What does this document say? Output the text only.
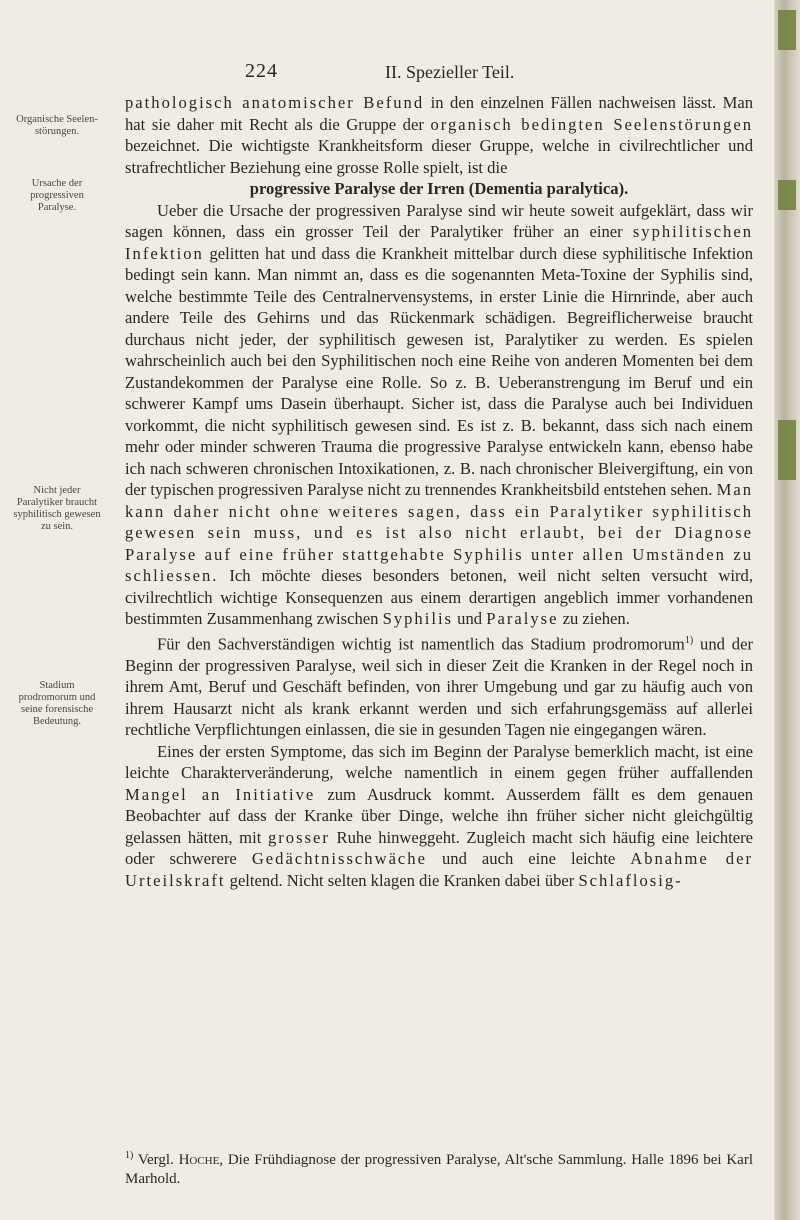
224	II. Spezieller Teil.
Organische Seelen-störungen.
Ursache der progressiven Paralyse.
Nicht jeder Paralytiker braucht syphilitisch gewesen zu sein.
Stadium prodromorum und seine forensische Bedeutung.

pathologisch anatomischer Befund in den einzelnen Fällen nachweisen lässt. Man hat sie daher mit Recht als die Gruppe der organisch bedingten Seelenstörungen bezeichnet. Die wichtigste Krankheitsform dieser Gruppe, welche in civilrechtlicher und strafrechtlicher Beziehung eine grosse Rolle spielt, ist die

progressive Paralyse der Irren (Dementia paralytica).

Ueber die Ursache der progressiven Paralyse sind wir heute soweit aufgeklärt, dass wir sagen können, dass ein grosser Teil der Paralytiker früher an einer syphilitischen Infektion gelitten hat und dass die Krankheit mittelbar durch diese syphilitische Infektion bedingt sein kann. Man nimmt an, dass es die sogenannten Meta-Toxine der Syphilis sind, welche bestimmte Teile des Centralnervensystems, in erster Linie die Hirnrinde, aber auch andere Teile des Gehirns und das Rückenmark schädigen. Begreiflicherweise braucht durchaus nicht jeder, der syphilitisch gewesen ist, Paralytiker zu werden. Es spielen wahrscheinlich auch bei den Syphilitischen noch eine Reihe von anderen Momenten bei dem Zustandekommen der Paralyse eine Rolle. So z. B. Ueberanstrengung im Beruf und ein schwerer Kampf ums Dasein überhaupt. Sicher ist, dass die Paralyse auch bei Individuen vorkommt, die nicht syphilitisch gewesen sind. Es ist z. B. bekannt, dass sich nach einem mehr oder minder schweren Trauma die progressive Paralyse entwickeln kann, ebenso habe ich nach schweren chronischen Intoxikationen, z. B. nach chronischer Bleivergiftung, ein von der typischen progressiven Paralyse nicht zu trennendes Krankheitsbild entstehen sehen. Man kann daher nicht ohne weiteres sagen, dass ein Paralytiker syphilitisch gewesen sein muss, und es ist also nicht erlaubt, bei der Diagnose Paralyse auf eine früher stattgehabte Syphilis unter allen Umständen zu schliessen. Ich möchte dieses besonders betonen, weil nicht selten versucht wird, civilrechtlich wichtige Konsequenzen aus einem derartigen angeblich immer vorhandenen bestimmten Zusammenhang zwischen Syphilis und Paralyse zu ziehen.

Für den Sachverständigen wichtig ist namentlich das Stadium prodromorum$^{1)}$ und der Beginn der progressiven Paralyse, weil sich in dieser Zeit die Kranken in der Regel noch in ihrem Amt, Beruf und Geschäft befinden, von ihrer Umgebung und gar zu häufig auch von ihrem Hausarzt nicht als krank erkannt werden und sich erfahrungsgemäss auf allerlei rechtliche Verpflichtungen einlassen, die sie in gesunden Tagen nie eingegangen wären.

Eines der ersten Symptome, das sich im Beginn der Paralyse bemerklich macht, ist eine leichte Charakterveränderung, welche namentlich in einem gegen früher auffallenden Mangel an Initiative zum Ausdruck kommt. Ausserdem fällt es dem genauen Beobachter auf dass der Kranke über Dinge, welche ihn früher sicher nicht gleichgültig gelassen hätten, mit grosser Ruhe hinweggeht. Zugleich macht sich häufig eine leichtere oder schwerere Gedächtnisschwäche und auch eine leichte Abnahme der Urteilskraft geltend. Nicht selten klagen die Kranken dabei über Schlaflosig-

$^{1)}$ Vergl. Hoche, Die Frühdiagnose der progressiven Paralyse, Alt'sche Sammlung. Halle 1896 bei Karl Marhold.
